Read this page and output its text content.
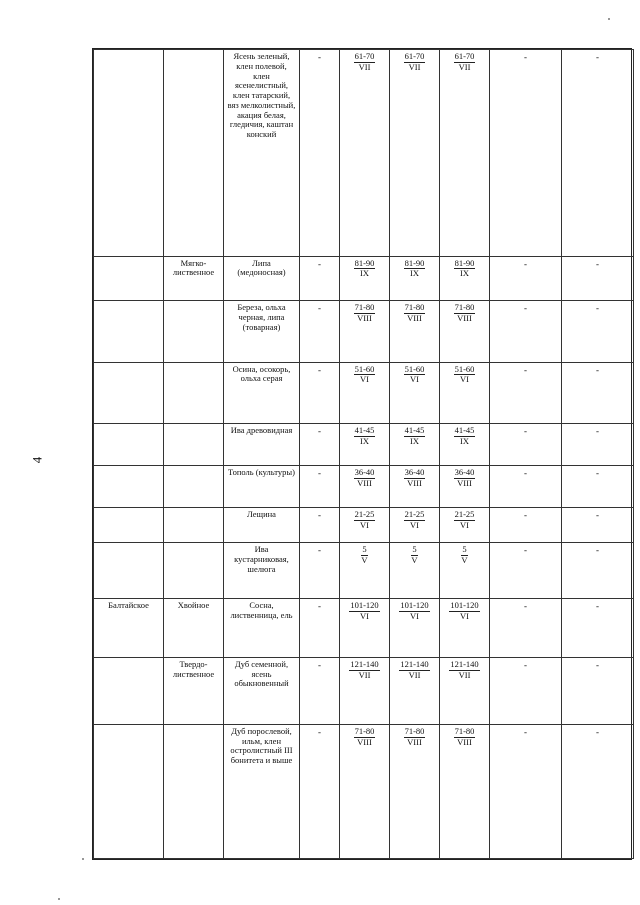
4
		Ясень зеленый, клен полевой, клен ясенелистный, клен татарский, вяз мелколистный, акация белая, гледичия, каштан конский	-	$\frac{61-70}{\text{VII}}$	$\frac{61-70}{\text{VII}}$	$\frac{61-70}{\text{VII}}$	-	-
	Мягко-лиственное	Липа (медоносная)	-	$\frac{81-90}{IX}$	$\frac{81-90}{IX}$	$\frac{81-90}{IX}$	-	-
		Береза, ольха черная, липа (товарная)	-	$\frac{71-80}{\text{VIII}}$	$\frac{71-80}{\text{VIII}}$	$\frac{71-80}{\text{VIII}}$	-	-
		Осина, осокорь, ольха серая	-	$\frac{51-60}{VI}$	$\frac{51-60}{VI}$	$\frac{51-60}{VI}$	-	-
		Ива древовидная	-	$\frac{41-45}{IX}$	$\frac{41-45}{IX}$	$\frac{41-45}{IX}$	-	-
		Тополь (культуры)	-	$\frac{36-40}{\text{VIII}}$	$\frac{36-40}{\text{VIII}}$	$\frac{36-40}{\text{VIII}}$	-	-
		Лещина	-	$\frac{21-25}{VI}$	$\frac{21-25}{VI}$	$\frac{21-25}{VI}$	-	-
		Ива кустарниковая, шелюга	-	$\frac{5}{V}$	$\frac{5}{V}$	$\frac{5}{V}$	-	-
Балтайское	Хвойное	Сосна, лиственница, ель	-	$\frac{101-120}{VI}$	$\frac{101-120}{VI}$	$\frac{101-120}{VI}$	-	-
	Твердо-лиственное	Дуб семенной, ясень обыкновенный	-	$\frac{121-140}{\text{VII}}$	$\frac{121-140}{\text{VII}}$	$\frac{121-140}{\text{VII}}$	-	-
		Дуб порослевой, ильм, клен остролистный III бонитета и выше	-	$\frac{71-80}{\text{VIII}}$	$\frac{71-80}{\text{VIII}}$	$\frac{71-80}{\text{VIII}}$	-	-
